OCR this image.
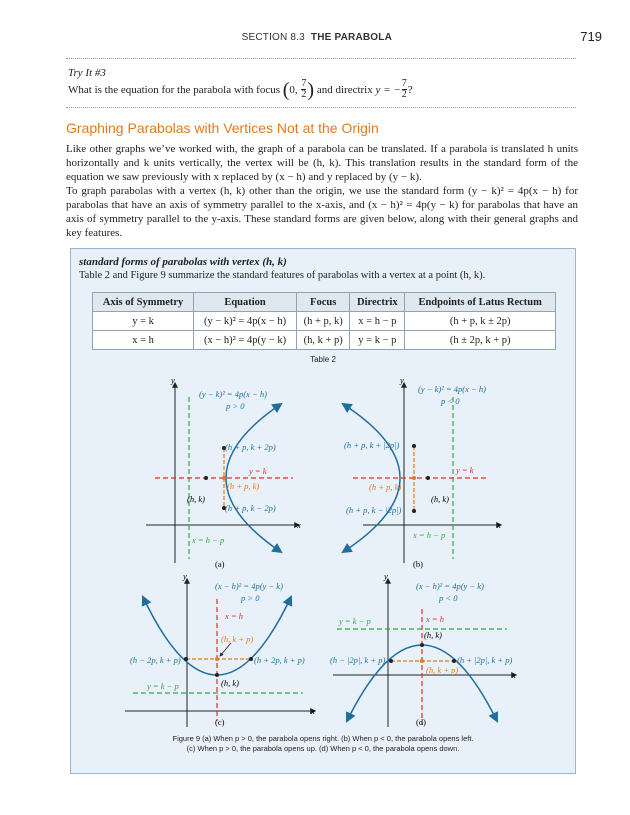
SECTION 8.3 THE PARABOLA	719
Try It #3
What is the equation for the parabola with focus
( 0,
$\frac{7}{2}$ )
and directrix
y = − $\frac{7}{2}$ ?
Graphing Parabolas with Vertices Not at the Origin

Like other graphs we’ve worked with, the graph of a parabola can be translated. If a parabola is translated h units horizontally and k units vertically, the vertex will be (h, k). This translation results in the standard form of the equation we saw previously with x replaced by (x − h) and y replaced by (y − k).

To graph parabolas with a vertex (h, k) other than the origin, we use the standard form (y − k)² = 4p(x − h) for parabolas that have an axis of symmetry parallel to the x-axis, and (x − h)² = 4p(y − k) for parabolas that have an axis of symmetry parallel to the y-axis. These standard forms are given below, along with their general graphs and key features.

standard forms of parabolas with vertex (h, k)
Table 2 and Figure 9 summarize the standard features of parabolas with a vertex at a point (h, k).
Axis of Symmetry	Equation	Focus	Directrix	Endpoints of Latus Rectum
y = k	(y − k)² = 4p(x − h)	(h + p, k)	x = h − p	(h + p, k ± 2p)
x = h	(x − h)² = 4p(y − k)	(h, k + p)	y = k − p	(h ± 2p, k + p)
Table 2
x
y
(y − k)² = 4p(x − h)
p > 0
(h + p, k + 2p)
y = k
(h + p, k)
(h, k)
(h + p, k − 2p)
x = h − p
(a)
x
y
(y − k)² = 4p(x − h)
p < 0
(h + p, k + |2p|)
y = k
(h + p, k)
(h, k)
(h + p, k − |2p|)
x = h − p
(b)
x
y
(x − h)² = 4p(y − k)
p > 0
x = h
(h, k + p)
(h − 2p, k + p)	(h + 2p, k + p)
y = k − p	(h, k)
(c)
x
y
(x − h)² = 4p(y − k)
p < 0
y = k − p	x = h
(h, k)
(h − |2p|, k + p)	(h + |2p|, k + p)
(h, k + p)
(d)
Figure 9 (a) When p > 0, the parabola opens right. (b) When p < 0, the parabola opens left.
(c) When p > 0, the parabola opens up. (d) When p < 0, the parabola opens down.
